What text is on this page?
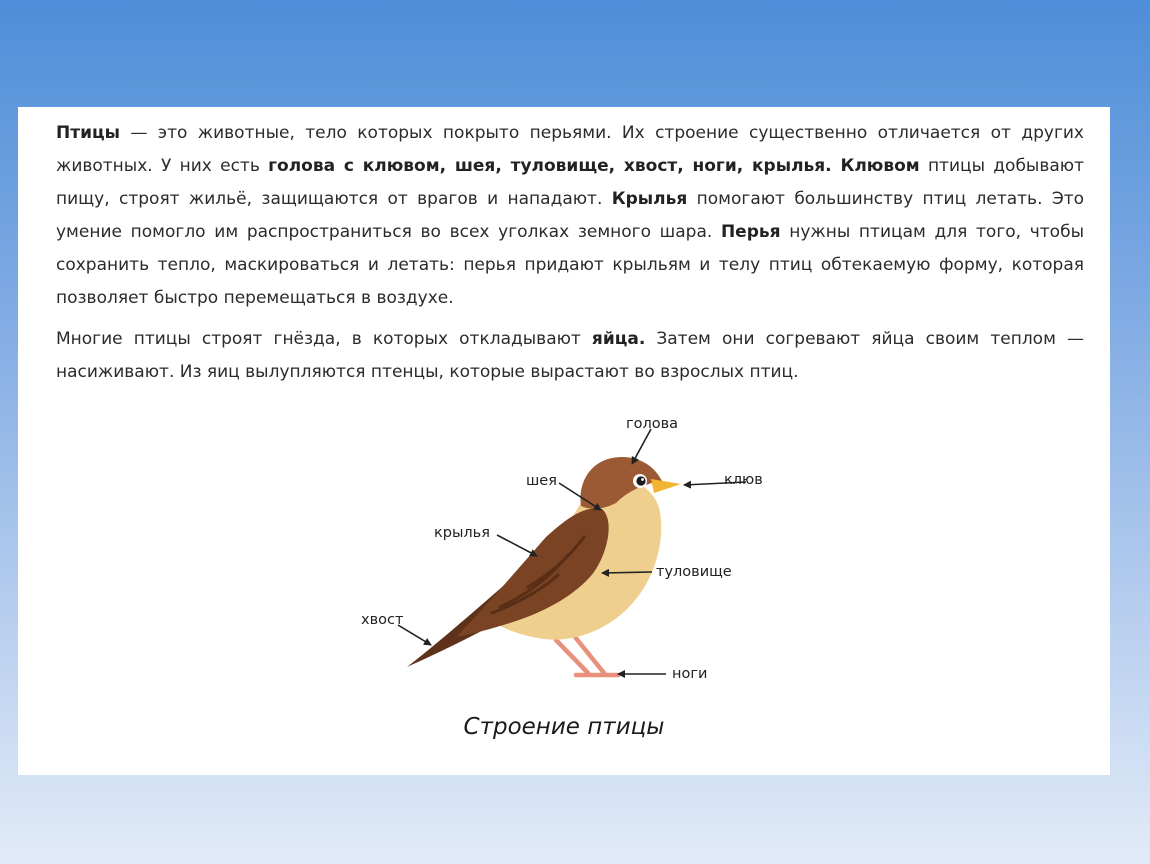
Птицы — это животные, тело которых покрыто перьями. Их строение существенно отличается от других животных. У них есть голова с клювом, шея, туловище, хвост, ноги, крылья. Клювом птицы добывают пищу, строят жильё, защищаются от врагов и нападают. Крылья помогают большинству птиц летать. Это умение помогло им распространиться во всех уголках земного шара. Перья нужны птицам для того, чтобы сохранить тепло, маскироваться и летать: перья придают крыльям и телу птиц обтекаемую форму, которая позволяет быстро перемещаться в воздухе.

Многие птицы строят гнёзда, в которых откладывают яйца. Затем они согревают яйца своим теплом — насиживают. Из яиц вылупляются птенцы, которые вырастают во взрослых птиц.

голова
шея	клюв
крылья
туловище
хвост
ноги
Строение птицы
